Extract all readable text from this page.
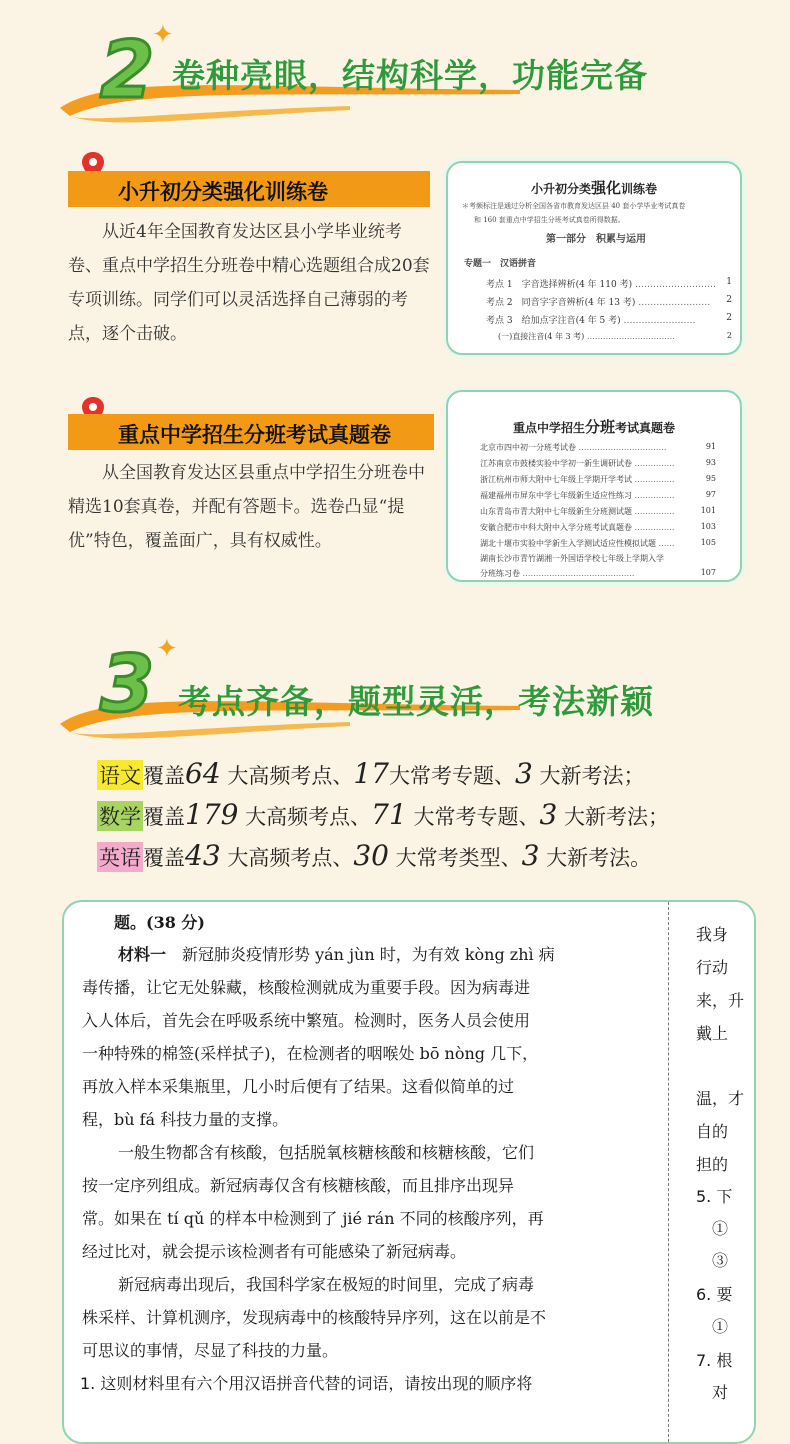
2
✦
卷种亮眼，结构科学，功能完备
小升初分类强化训练卷
从近4年全国教育发达区县小学毕业统考卷、重点中学招生分班卷中精心选题组合成20套专项训练。同学们可以灵活选择自己薄弱的考点，逐个击破。
小升初分类强化训练卷
＊考频标注是通过分析全国各省市教育发达区县 40 套小学毕业考试真卷
和 160 套重点中学招生分班考试真卷所得数据。
第一部分　积累与运用
专题一　汉语拼音
考点 1　字音选择辨析(4 年 110 考) ……………………… 1
考点 2　同音字字音辨析(4 年 13 考) …………………… 2
考点 3　给加点字注音(4 年 5 考) ……………………	2
(一)直接注音(4 年 3 考) ……………………………	2
重点中学招生分班考试真题卷
从全国教育发达区县重点中学招生分班卷中精选10套真卷，并配有答题卡。选卷凸显“提优”特色，覆盖面广，具有权威性。
重点中学招生分班考试真题卷
北京市四中初一分班考试卷 ……………………………	91
江苏南京市鼓楼实验中学初一新生调研试卷 ……………	93
浙江杭州市师大附中七年级上学期开学考试 ……………	95
福建福州市屏东中学七年级新生适应性练习 ……………	97
山东青岛市青大附中七年级新生分班测试题 ……………	101
安徽合肥市中科大附中入学分班考试真题卷 ……………	103
湖北十堰市实验中学新生入学测试适应性模拟试题 ……	105
湖南长沙市青竹湖湘一外国语学校七年级上学期入学
分班练习卷 ……………………………………	107
3 ✦
考点齐备，题型灵活，考法新颖
语文覆盖64 大高频考点、17大常考专题、3 大新考法；
数学覆盖179 大高频考点、71 大常考专题、3 大新考法；
英语覆盖43 大高频考点、30 大常考类型、3 大新考法。
题。(38 分)
材料一　新冠肺炎疫情形势 yán jùn 时，为有效 kòng zhì 病
毒传播，让它无处躲藏，核酸检测就成为重要手段。因为病毒进
入人体后，首先会在呼吸系统中繁殖。检测时，医务人员会使用
一种特殊的棉签(采样拭子)，在检测者的咽喉处 bō nòng 几下，
再放入样本采集瓶里，几小时后便有了结果。这看似简单的过
程，bù fá 科技力量的支撑。
一般生物都含有核酸，包括脱氧核糖核酸和核糖核酸，它们
按一定序列组成。新冠病毒仅含有核糖核酸，而且排序出现异
常。如果在 tí qǔ 的样本中检测到了 jié rán 不同的核酸序列，再
经过比对，就会提示该检测者有可能感染了新冠病毒。
新冠病毒出现后，我国科学家在极短的时间里，完成了病毒
株采样、计算机测序，发现病毒中的核酸特异序列，这在以前是不
可思议的事情，尽显了科技的力量。
1. 这则材料里有六个用汉语拼音代替的词语，请按出现的顺序将
我身
行动
来，升
戴上
温，才
自的
担的
5. 下
　①
　③
6. 要
　①
7. 根
　对
